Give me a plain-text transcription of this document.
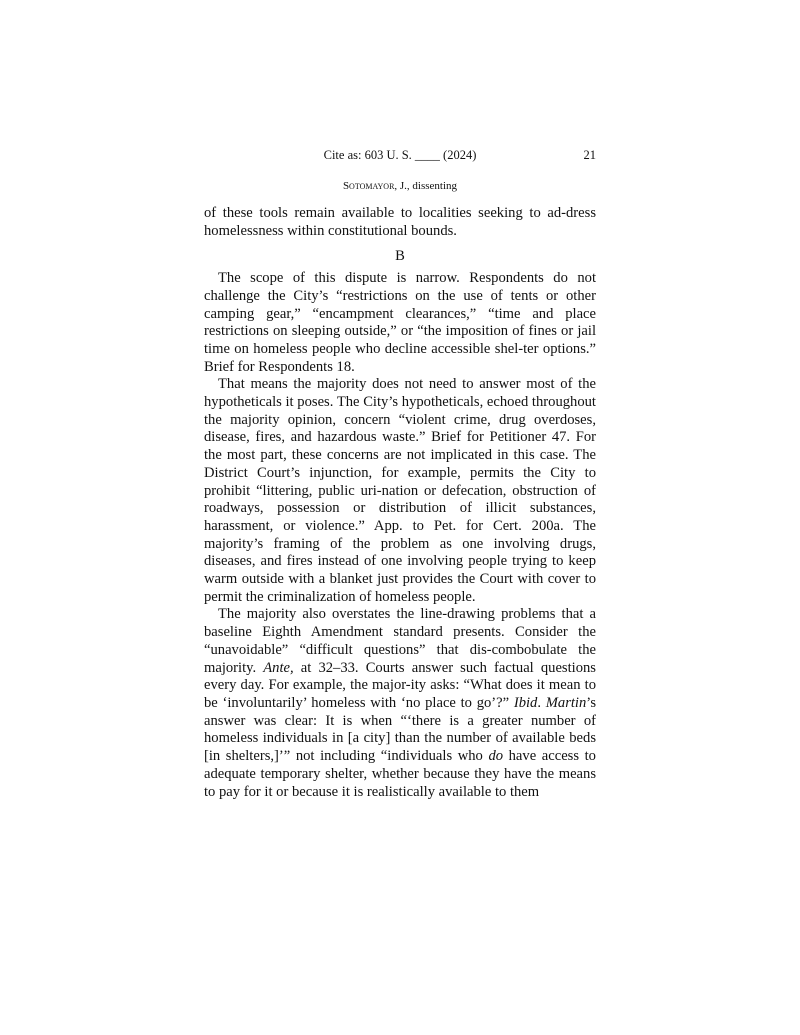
Cite as: 603 U. S. ____ (2024)	21
Sotomayor, J., dissenting

of these tools remain available to localities seeking to ad-dress homelessness within constitutional bounds.

B

The scope of this dispute is narrow. Respondents do not challenge the City’s “restrictions on the use of tents or other camping gear,” “encampment clearances,” “time and place restrictions on sleeping outside,” or “the imposition of fines or jail time on homeless people who decline accessible shel-ter options.” Brief for Respondents 18.

That means the majority does not need to answer most of the hypotheticals it poses. The City’s hypotheticals, echoed throughout the majority opinion, concern “violent crime, drug overdoses, disease, fires, and hazardous waste.” Brief for Petitioner 47. For the most part, these concerns are not implicated in this case. The District Court’s injunction, for example, permits the City to prohibit “littering, public uri-nation or defecation, obstruction of roadways, possession or distribution of illicit substances, harassment, or violence.” App. to Pet. for Cert. 200a. The majority’s framing of the problem as one involving drugs, diseases, and fires instead of one involving people trying to keep warm outside with a blanket just provides the Court with cover to permit the criminalization of homeless people.

The majority also overstates the line-drawing problems that a baseline Eighth Amendment standard presents. Consider the “unavoidable” “difficult questions” that dis-combobulate the majority. Ante, at 32–33. Courts answer such factual questions every day. For example, the major-ity asks: “What does it mean to be ‘involuntarily’ homeless with ‘no place to go’?” Ibid. Martin’s answer was clear: It is when “‘there is a greater number of homeless individuals in [a city] than the number of available beds [in shelters,]’” not including “individuals who do have access to adequate temporary shelter, whether because they have the means to pay for it or because it is realistically available to them
